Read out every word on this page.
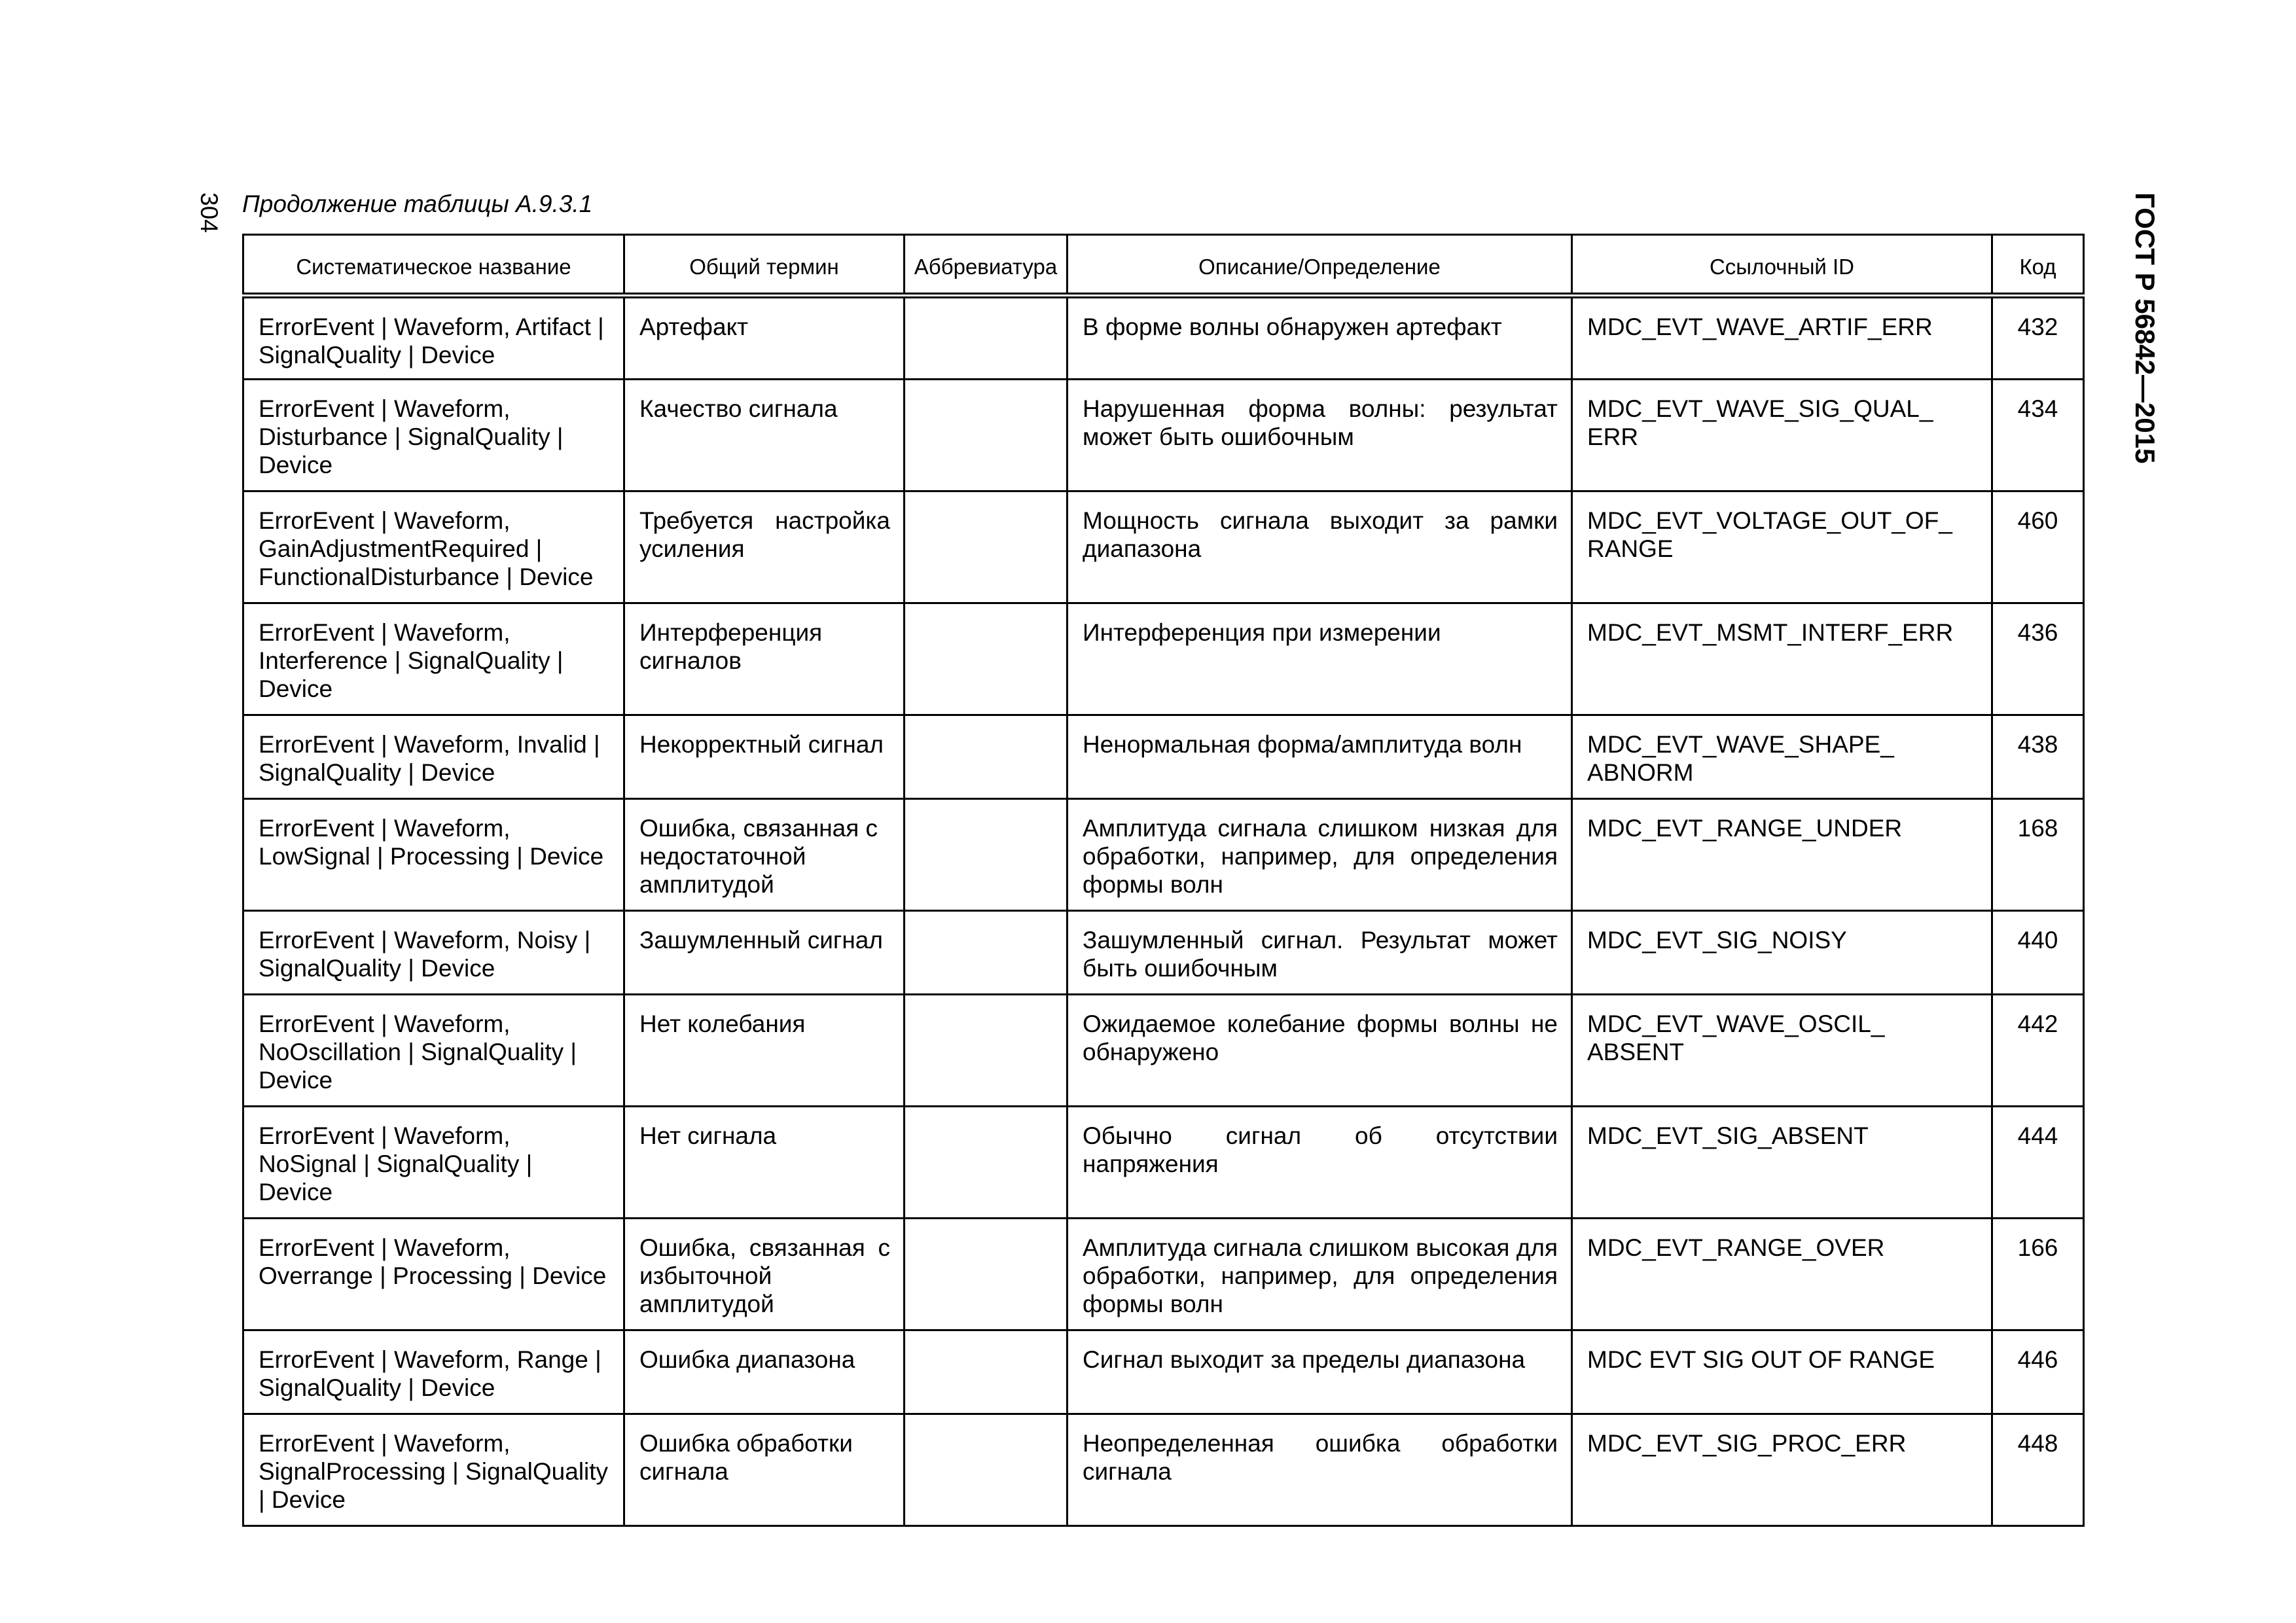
304	ГОСТ Р 56842—2015
Продолжение таблицы А.9.3.1
Систематическое название	Общий термин	Аббревиатура	Описание/Определение	Ссылочный ID	Код
ErrorEvent | Waveform, Artifact | SignalQuality | Device	Артефакт		В форме волны обнаружен артефакт	MDC_EVT_WAVE_ARTIF_ERR	432
ErrorEvent | Waveform, Disturbance | SignalQuality | Device	Качество сигнала		Нарушенная форма волны: результат может быть ошибочным	MDC_EVT_WAVE_SIG_QUAL_ ERR	434
ErrorEvent | Waveform, GainAdjustmentRequired | FunctionalDisturbance | Device	Требуется настройка усиления		Мощность сигнала выходит за рамки диапазона	MDC_EVT_VOLTAGE_OUT_OF_ RANGE	460
ErrorEvent | Waveform, Interference | SignalQuality | Device	Интерференция сигналов		Интерференция при измерении	MDC_EVT_MSMT_INTERF_ERR	436
ErrorEvent | Waveform, Invalid | SignalQuality | Device	Некорректный сигнал		Ненормальная форма/амплитуда волн	MDC_EVT_WAVE_SHAPE_ ABNORM	438
ErrorEvent | Waveform, LowSignal | Processing | Device	Ошибка, связанная с недостаточной амплитудой		Амплитуда сигнала слишком низкая для обработки, например, для определения формы волн	MDC_EVT_RANGE_UNDER	168
ErrorEvent | Waveform, Noisy | SignalQuality | Device	Зашумленный сигнал		Зашумленный сигнал. Результат может быть ошибочным	MDC_EVT_SIG_NOISY	440
ErrorEvent | Waveform, NoOscillation | SignalQuality | Device	Нет колебания		Ожидаемое колебание формы волны не обнаружено	MDC_EVT_WAVE_OSCIL_ ABSENT	442
ErrorEvent | Waveform, NoSignal | SignalQuality | Device	Нет сигнала		Обычно сигнал об отсутствии напряжения	MDC_EVT_SIG_ABSENT	444
ErrorEvent | Waveform, Overrange | Processing | Device	Ошибка, связанная с избыточной амплитудой		Амплитуда сигнала слишком высокая для обработки, например, для определения формы волн	MDC_EVT_RANGE_OVER	166
ErrorEvent | Waveform, Range | SignalQuality | Device	Ошибка диапазона		Сигнал выходит за пределы диапазона	MDC EVT SIG OUT OF RANGE	446
ErrorEvent | Waveform, SignalProcessing | SignalQuality | Device	Ошибка обработки сигнала		Неопределенная ошибка обработки сигнала	MDC_EVT_SIG_PROC_ERR	448
